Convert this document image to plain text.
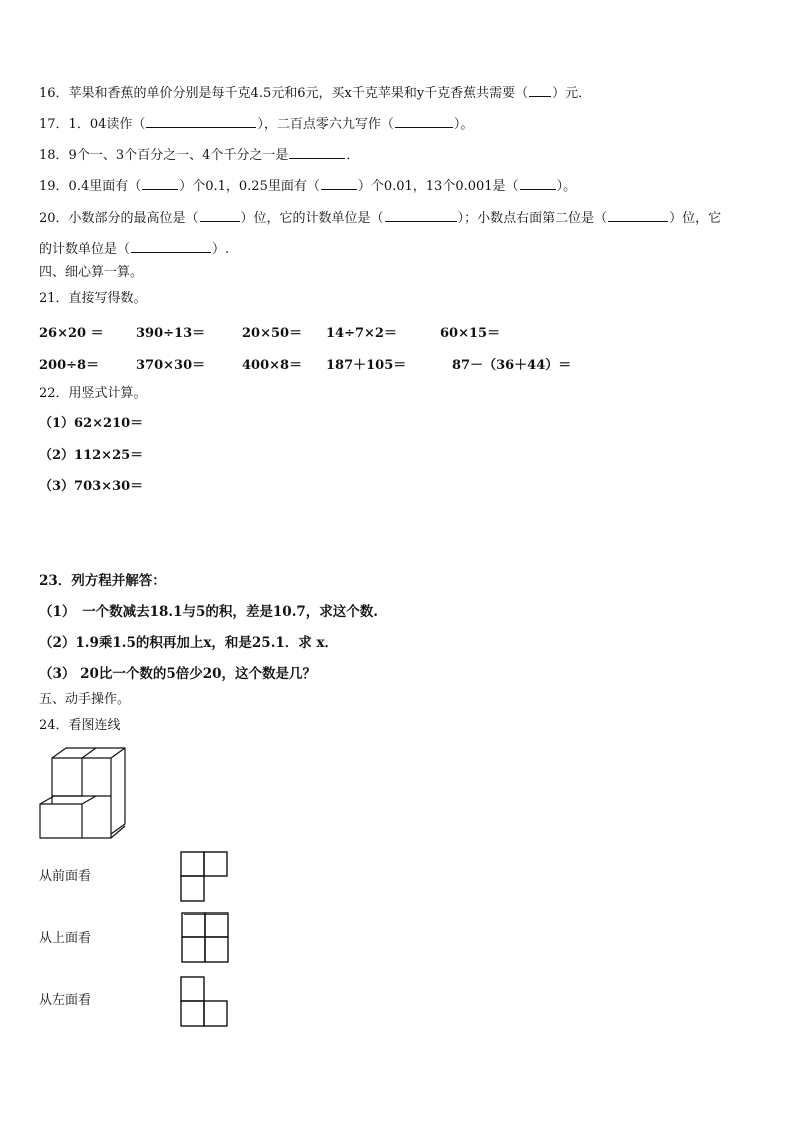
16．苹果和香蕉的单价分别是每千克4.5元和6元，买x千克苹果和y千克香蕉共需要（ ）元．
17．1．04读作（	），二百点零六九写作（	）。
18．9个一、3个百分之一、4个千分之一是	．
19．0.4里面有（	）个0.1，0.25里面有（	）个0.01，13个0.001是（	）。
20．小数部分的最高位是（	）位，它的计数单位是（	）；小数点右面第二位是（	）位，它
的计数单位是（	）.
四、细心算一算。
21．直接写得数。
26×20 ＝ 390÷13＝	20×50＝ 14÷7×2＝	60×15＝
200÷8＝	370×30＝	400×8＝ 187＋105＝	87－（36＋44）＝
22．用竖式计算。
（1）62×210＝
（2）112×25＝
（3）703×30＝
23．列方程并解答：
（1）　一个数减去18.1与5的积，差是10.7，求这个数.
（2）1.9乘1.5的积再加上x，和是25.1．求 x．
（3） 20比一个数的5倍少20，这个数是几？
五、动手操作。
24．看图连线
从前面看
从上面看
从左面看
